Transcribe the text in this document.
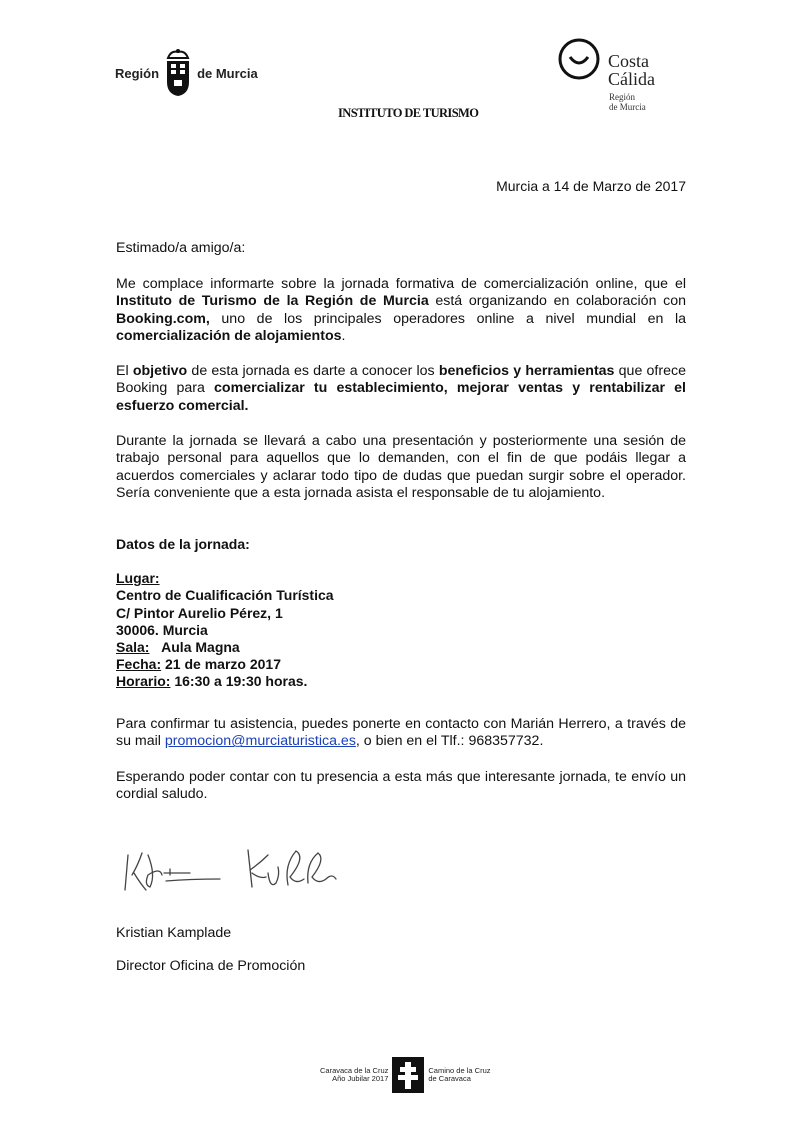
Región	de Murcia
Costa
Cálida
Región
de Murcia
INSTITUTO DE TURISMO
Murcia a 14 de Marzo de 2017
Estimado/a amigo/a:

Me complace informarte sobre la jornada formativa de comercialización online, que el Instituto de Turismo de la Región de Murcia está organizando en colaboración con Booking.com, uno de los principales operadores online a nivel mundial en la comercialización de alojamientos.

El objetivo de esta jornada es darte a conocer los beneficios y herramientas que ofrece Booking para comercializar tu establecimiento, mejorar ventas y rentabilizar el esfuerzo comercial.

Durante la jornada se llevará a cabo una presentación y posteriormente una sesión de trabajo personal para aquellos que lo demanden, con el fin de que podáis llegar a acuerdos comerciales y aclarar todo tipo de dudas que puedan surgir sobre el operador. Sería conveniente que a esta jornada asista el responsable de tu alojamiento.

Datos de la jornada:
Lugar:
Centro de Cualificación Turística
C/ Pintor Aurelio Pérez, 1
30006. Murcia
Sala: Aula Magna
Fecha: 21 de marzo 2017
Horario: 16:30 a 19:30 horas.

Para confirmar tu asistencia, puedes ponerte en contacto con Marián Herrero, a través de su mail promocion@murciaturistica.es, o bien en el Tlf.: 968357732.

Esperando poder contar con tu presencia a esta más que interesante jornada, te envío un cordial saludo.

Kristian Kamplade
Director Oficina de Promoción
Caravaca de la Cruz
Año Jubilar 2017
Camino de la Cruz
de Caravaca
